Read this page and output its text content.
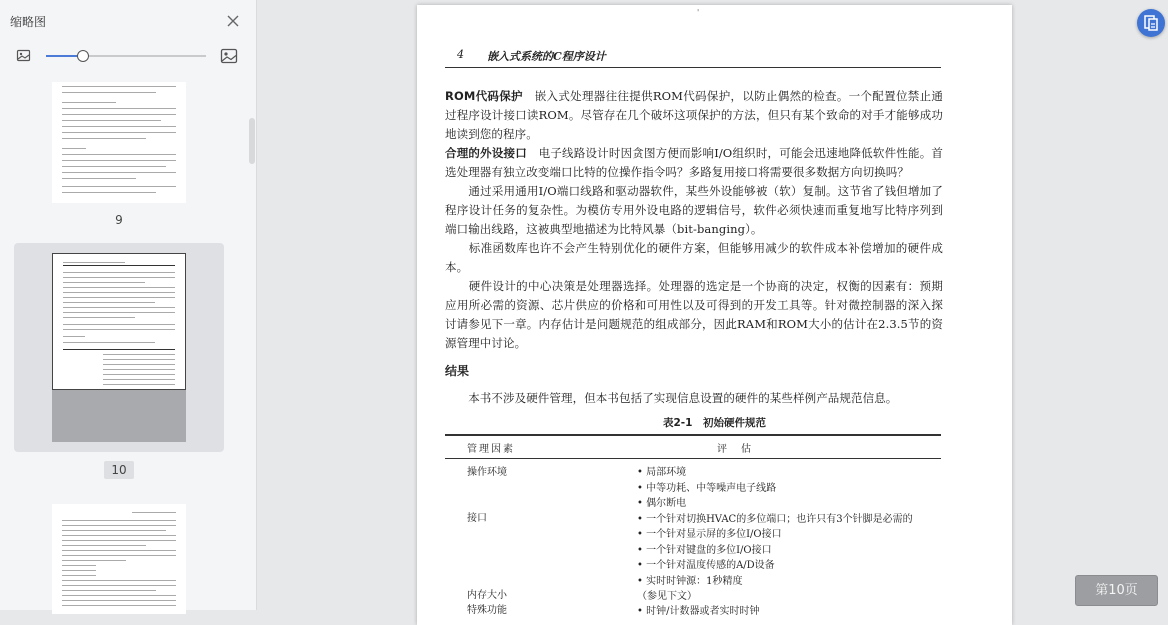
缩略图
9
10
'
4 嵌入式系统的C程序设计
ROM代码保护　嵌入式处理器往往提供ROM代码保护，以防止偶然的检查。一个配置位禁止通过程序设计接口读ROM。尽管存在几个破坏这项保护的方法，但只有某个致命的对手才能够成功地读到您的程序。
合理的外设接口　电子线路设计时因贪图方便而影响I/O组织时，可能会迅速地降低软件性能。首选处理器有独立改变端口比特的位操作指令吗？多路复用接口将需要很多数据方向切换吗？
　　通过采用通用I/O端口线路和驱动器软件，某些外设能够被（软）复制。这节省了钱但增加了程序设计任务的复杂性。为模仿专用外设电路的逻辑信号，软件必须快速而重复地写比特序列到端口输出线路，这被典型地描述为比特风暴（bit-banging）。
　　标准函数库也许不会产生特别优化的硬件方案，但能够用减少的软件成本补偿增加的硬件成本。
　　硬件设计的中心决策是处理器选择。处理器的选定是一个协商的决定，权衡的因素有：预期应用所必需的资源、芯片供应的价格和可用性以及可得到的开发工具等。针对微控制器的深入探讨请参见下一章。内存估计是问题规范的组成部分，因此RAM和ROM大小的估计在2.3.5节的资源管理中讨论。
结果
　　本书不涉及硬件管理，但本书包括了实现信息设置的硬件的某些样例产品规范信息。
表2-1　初始硬件规范
管理因素	评　估
操作环境	• 局部环境
• 中等功耗、中等噪声电子线路
• 偶尔断电
接口	• 一个针对切换HVAC的多位端口；也许只有3个针脚是必需的
• 一个针对显示屏的多位I/O接口
• 一个针对键盘的多位I/O接口
• 一个针对温度传感的A/D设备
• 实时时钟源：1秒精度
内存大小	（参见下文）
特殊功能	• 时钟/计数器或者实时时钟
第10页
